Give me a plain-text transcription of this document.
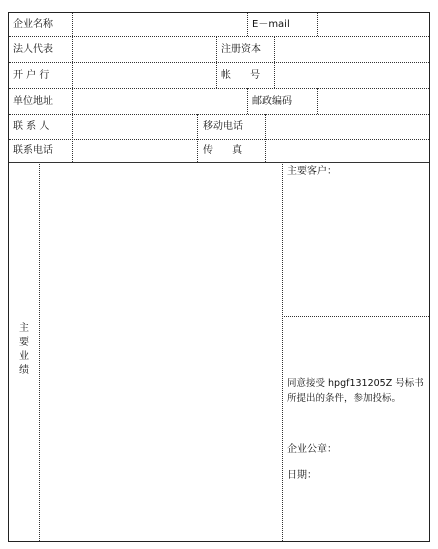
企业名称	E－mail
法人代表	注册资本
开 户 行	帐      号
单位地址	邮政编码
联 系 人	移动电话
联系电话	传      真
主要业绩
主要客户：
同意接受 hpgf131205Z 号标书所提出的条件，参加投标。
企业公章：
日期：
